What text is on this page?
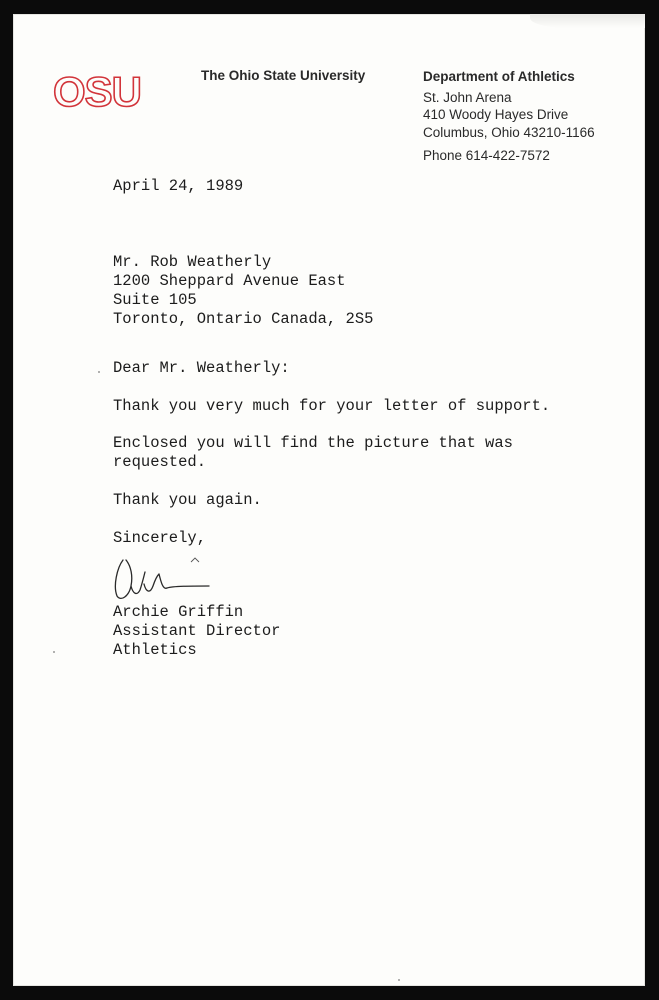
OSU	The Ohio State University	Department of Athletics
St. John Arena
410 Woody Hayes Drive
Columbus, Ohio 43210-1166
Phone 614-422-7572
April 24, 1989
Mr. Rob Weatherly
1200 Sheppard Avenue East
Suite 105
Toronto, Ontario Canada, 2S5
Dear Mr. Weatherly:
Thank you very much for your letter of support.
Enclosed you will find the picture that was
requested.
Thank you again.
Sincerely,
Archie Griffin
Assistant Director
Athletics
